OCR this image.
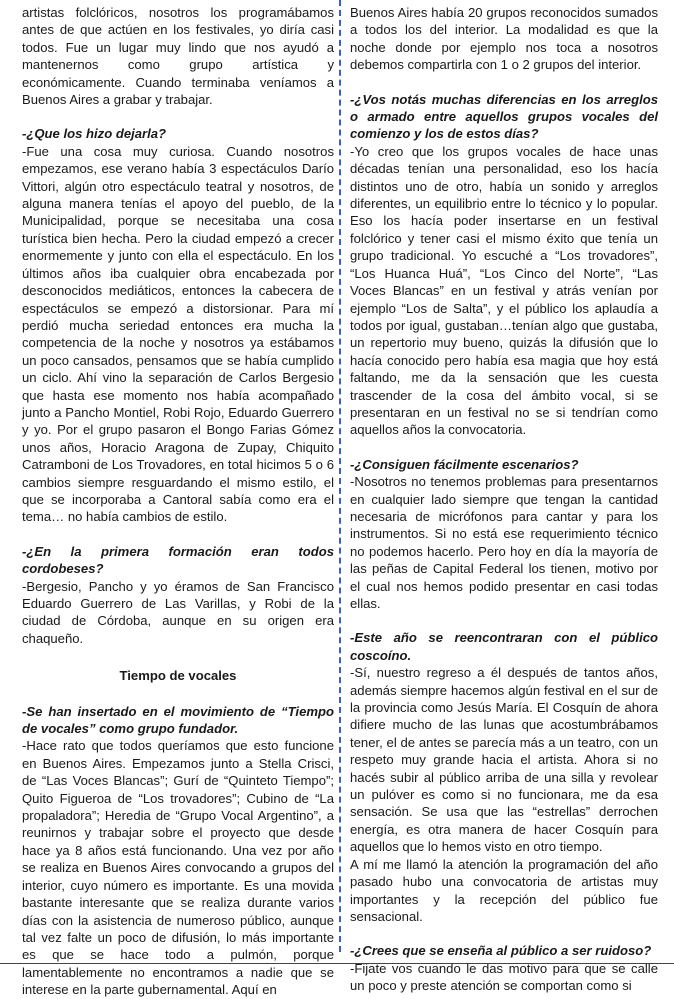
artistas folclóricos, nosotros los programábamos antes de que actúen en los festivales, yo diría casi todos. Fue un lugar muy lindo que nos ayudó a mantenernos como grupo artística y económicamente. Cuando terminaba veníamos a Buenos Aires a grabar y trabajar.

-¿Que los hizo dejarla?

-Fue una cosa muy curiosa. Cuando nosotros empezamos, ese verano había 3 espectáculos Darío Vittori, algún otro espectáculo teatral y nosotros, de alguna manera tenías el apoyo del pueblo, de la Municipalidad, porque se necesitaba una cosa turística bien hecha. Pero la ciudad empezó a crecer enormemente y junto con ella el espectáculo. En los últimos años iba cualquier obra encabezada por desconocidos mediáticos, entonces la cabecera de espectáculos se empezó a distorsionar. Para mí perdió mucha seriedad entonces era mucha la competencia de la noche y nosotros ya estábamos un poco cansados, pensamos que se había cumplido un ciclo. Ahí vino la separación de Carlos Bergesio que hasta ese momento nos había acompañado junto a Pancho Montiel, Robi Rojo, Eduardo Guerrero y yo. Por el grupo pasaron el Bongo Farias Gómez unos años, Horacio Aragona de Zupay, Chiquito Catramboni de Los Trovadores, en total hicimos 5 o 6 cambios siempre resguardando el mismo estilo, el que se incorporaba a Cantoral sabía como era el tema… no había cambios de estilo.

-¿En la primera formación eran todos cordobeses?

-Bergesio, Pancho y yo éramos de San Francisco Eduardo Guerrero de Las Varillas, y Robi de la ciudad de Córdoba, aunque en su origen era chaqueño.

Tiempo de vocales

-Se han insertado en el movimiento de “Tiempo de vocales” como grupo fundador.

-Hace rato que todos queríamos que esto funcione en Buenos Aires. Empezamos junto a Stella Crisci, de “Las Voces Blancas”; Gurí de “Quinteto Tiempo”; Quito Figueroa de “Los trovadores”; Cubino de “La propaladora”; Heredia de “Grupo Vocal Argentino”, a reunirnos y trabajar sobre el proyecto que desde hace ya 8 años está funcionando. Una vez por año se realiza en Buenos Aires convocando a grupos del interior, cuyo número es importante. Es una movida bastante interesante que se realiza durante varios días con la asistencia de numeroso público, aunque tal vez falte un poco de difusión, lo más importante es que se hace todo a pulmón, porque lamentablemente no encontramos a nadie que se interese en la parte gubernamental. Aquí en

Buenos Aires había 20 grupos reconocidos sumados a todos los del interior. La modalidad es que la noche donde por ejemplo nos toca a nosotros debemos compartirla con 1 o 2 grupos del interior.

-¿Vos notás muchas diferencias en los arreglos o armado entre aquellos grupos vocales del comienzo y los de estos días?

-Yo creo que los grupos vocales de hace unas décadas tenían una personalidad, eso los hacía distintos uno de otro, había un sonido y arreglos diferentes, un equilibrio entre lo técnico y lo popular. Eso los hacía poder insertarse en un festival folclórico y tener casi el mismo éxito que tenía un grupo tradicional. Yo escuché a “Los trovadores”, “Los Huanca Huá”, “Los Cinco del Norte”, “Las Voces Blancas” en un festival y atrás venían por ejemplo “Los de Salta”, y el público los aplaudía a todos por igual, gustaban…tenían algo que gustaba, un repertorio muy bueno, quizás la difusión que lo hacía conocido pero había esa magia que hoy está faltando, me da la sensación que les cuesta trascender de la cosa del ámbito vocal, si se presentaran en un festival no se si tendrían como aquellos años la convocatoria.

-¿Consiguen fácilmente escenarios?

-Nosotros no tenemos problemas para presentarnos en cualquier lado siempre que tengan la cantidad necesaria de micrófonos para cantar y para los instrumentos. Si no está ese requerimiento técnico no podemos hacerlo. Pero hoy en día la mayoría de las peñas de Capital Federal los tienen, motivo por el cual nos hemos podido presentar en casi todas ellas.

-Este año se reencontraran con el público coscoíno.

-Sí, nuestro regreso a él después de tantos años, además siempre hacemos algún festival en el sur de la provincia como Jesús María. El Cosquín de ahora difiere mucho de las lunas que acostumbrábamos tener, el de antes se parecía más a un teatro, con un respeto muy grande hacia el artista. Ahora si no hacés subir al público arriba de una silla y revolear un pulóver es como si no funcionara, me da esa sensación. Se usa que las “estrellas” derrochen energía, es otra manera de hacer Cosquín para aquellos que lo hemos visto en otro tiempo.

A mí me llamó la atención la programación del año pasado hubo una convocatoria de artistas muy importantes y la recepción del público fue sensacional.

-¿Crees que se enseña al público a ser ruidoso?

-Fijate vos cuando le das motivo para que se calle un poco y preste atención se comportan como si
